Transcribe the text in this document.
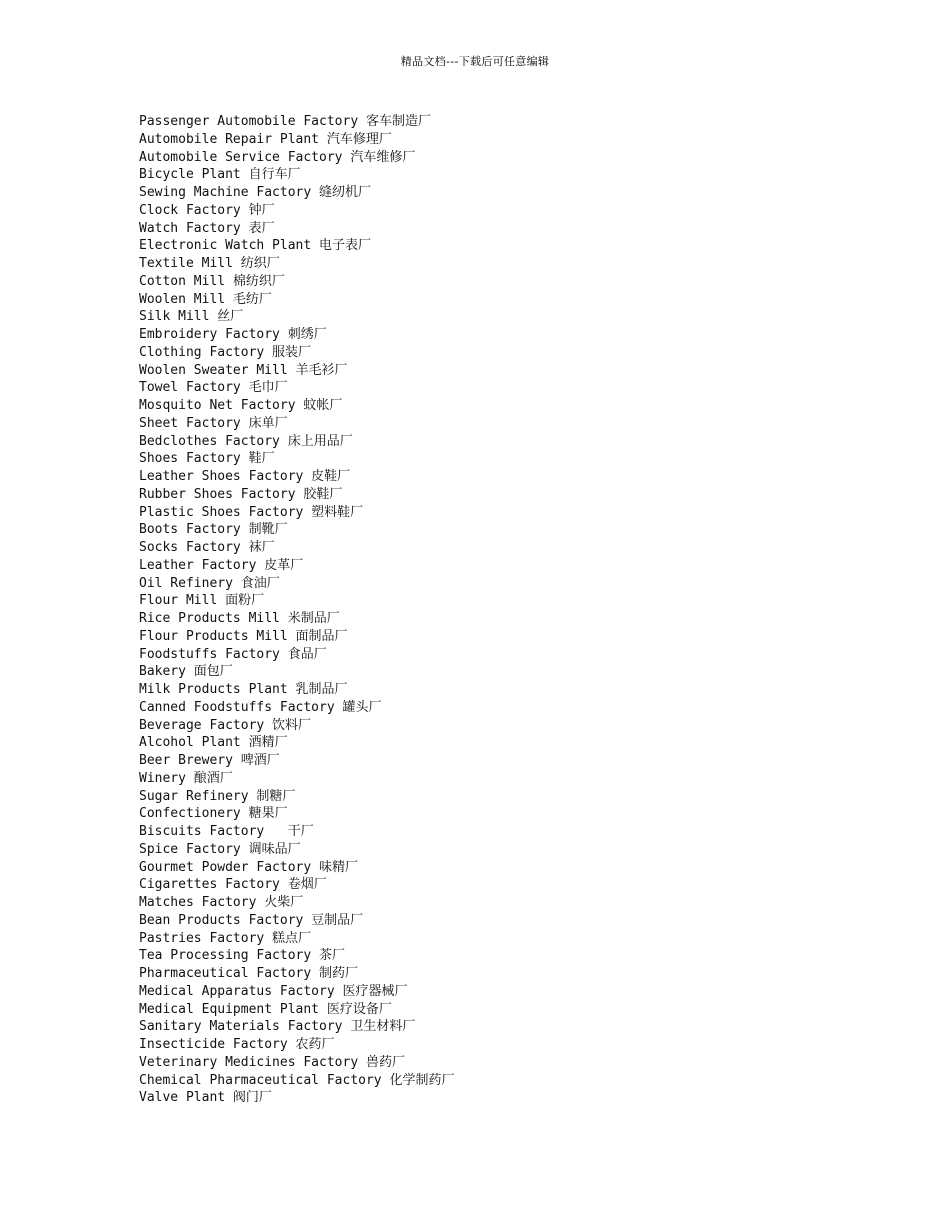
精品文档---下载后可任意编辑
Passenger Automobile Factory 客车制造厂
Automobile Repair Plant 汽车修理厂
Automobile Service Factory 汽车维修厂
Bicycle Plant 自行车厂
Sewing Machine Factory 缝纫机厂
Clock Factory 钟厂
Watch Factory 表厂
Electronic Watch Plant 电子表厂
Textile Mill 纺织厂
Cotton Mill 棉纺织厂
Woolen Mill 毛纺厂
Silk Mill 丝厂
Embroidery Factory 刺绣厂
Clothing Factory 服装厂
Woolen Sweater Mill 羊毛衫厂
Towel Factory 毛巾厂
Mosquito Net Factory 蚊帐厂
Sheet Factory 床单厂
Bedclothes Factory 床上用品厂
Shoes Factory 鞋厂
Leather Shoes Factory 皮鞋厂
Rubber Shoes Factory 胶鞋厂
Plastic Shoes Factory 塑料鞋厂
Boots Factory 制靴厂
Socks Factory 袜厂
Leather Factory 皮革厂
Oil Refinery 食油厂
Flour Mill 面粉厂
Rice Products Mill 米制品厂
Flour Products Mill 面制品厂
Foodstuffs Factory 食品厂
Bakery 面包厂
Milk Products Plant 乳制品厂
Canned Foodstuffs Factory 罐头厂
Beverage Factory 饮料厂
Alcohol Plant 酒精厂
Beer Brewery 啤酒厂
Winery 酿酒厂
Sugar Refinery 制糖厂
Confectionery 糖果厂
Biscuits Factory   干厂
Spice Factory 调味品厂
Gourmet Powder Factory 味精厂
Cigarettes Factory 卷烟厂
Matches Factory 火柴厂
Bean Products Factory 豆制品厂
Pastries Factory 糕点厂
Tea Processing Factory 茶厂
Pharmaceutical Factory 制药厂
Medical Apparatus Factory 医疗器械厂
Medical Equipment Plant 医疗设备厂
Sanitary Materials Factory 卫生材料厂
Insecticide Factory 农药厂
Veterinary Medicines Factory 兽药厂
Chemical Pharmaceutical Factory 化学制药厂
Valve Plant 阀门厂
